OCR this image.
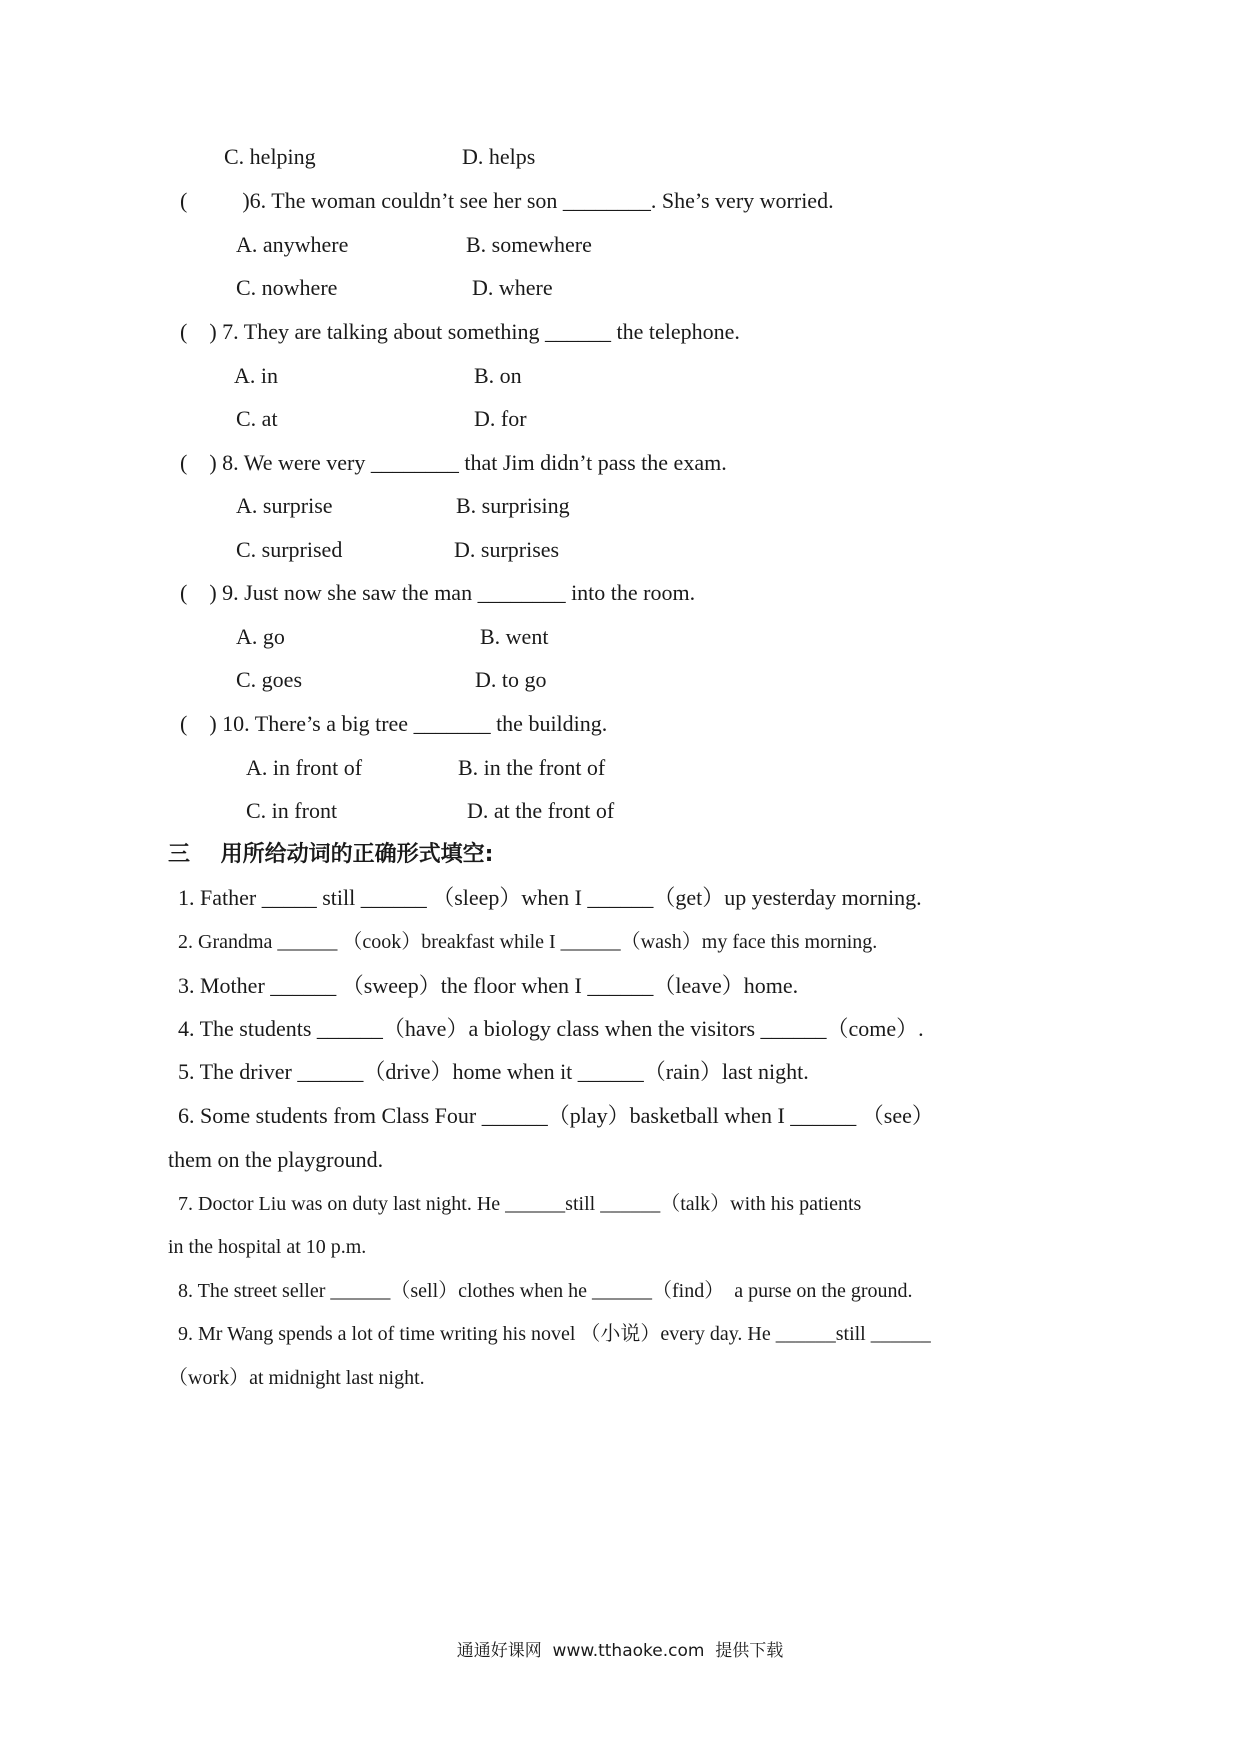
C. helping	D. helps
(          )6. The woman couldn’t see her son ________. She’s very worried.
A. anywhere	B. somewhere
C. nowhere	D. where
(    ) 7. They are talking about something ______ the telephone.
A. in	B. on
C. at	D. for
(    ) 8. We were very ________ that Jim didn’t pass the exam.
A. surprise	B. surprising
C. surprised	D. surprises
(    ) 9. Just now she saw the man ________ into the room.
A. go	B. went
C. goes	D. to go
(    ) 10. There’s a big tree _______ the building.
A. in front of	B. in the front of
C. in front	D. at the front of
三    用所给动词的正确形式填空:
1. Father _____ still ______ （sleep）when I ______（get）up yesterday morning.
2. Grandma ______ （cook）breakfast while I ______（wash）my face this morning.
3. Mother ______ （sweep）the floor when I ______（leave）home.
4. The students ______（have）a biology class when the visitors ______（come）.
5. The driver ______（drive）home when it ______（rain）last night.
6. Some students from Class Four ______（play）basketball when I ______ （see）
them on the playground.
7. Doctor Liu was on duty last night. He ______still ______（talk）with his patients
in the hospital at 10 p.m.
8. The street seller ______（sell）clothes when he ______（find）  a purse on the ground.
9. Mr Wang spends a lot of time writing his novel （小说）every day. He ______still ______
（work）at midnight last night.
通通好课网  www.tthaoke.com  提供下载
